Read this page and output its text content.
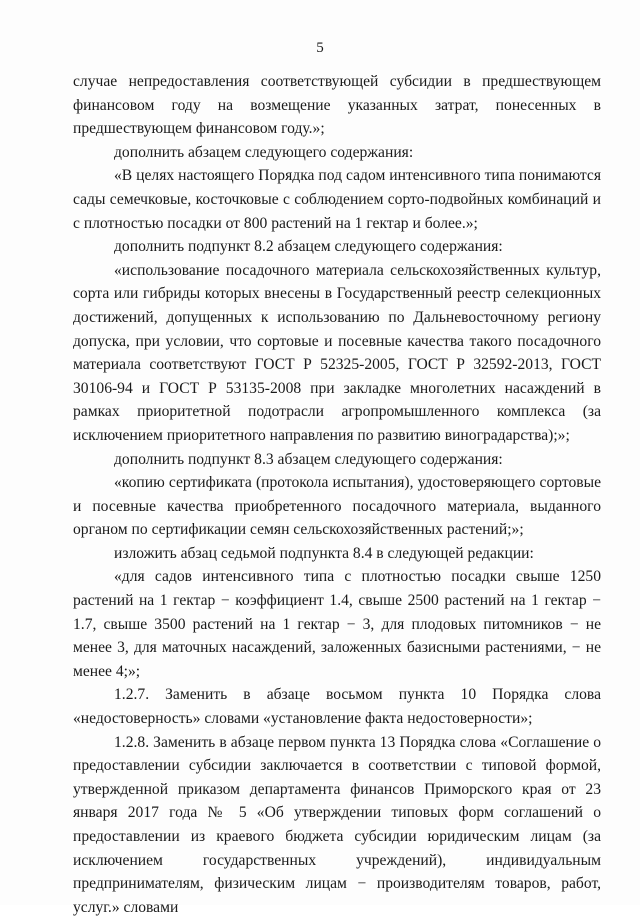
5

случае непредоставления соответствующей субсидии в предшествующем финансовом году на возмещение указанных затрат, понесенных в предшествующем финансовом году.»;

дополнить абзацем следующего содержания:

«В целях настоящего Порядка под садом интенсивного типа понимаются сады семечковые, косточковые с соблюдением сорто-подвойных комбинаций и с плотностью посадки от 800 растений на 1 гектар и более.»;

дополнить подпункт 8.2 абзацем следующего содержания:

«использование посадочного материала сельскохозяйственных культур, сорта или гибриды которых внесены в Государственный реестр селекционных достижений, допущенных к использованию по Дальневосточному региону допуска, при условии, что сортовые и посевные качества такого посадочного материала соответствуют ГОСТ Р 52325-2005, ГОСТ Р 32592-2013, ГОСТ 30106-94 и ГОСТ Р 53135-2008 при закладке многолетних насаждений в рамках приоритетной подотрасли агропромышленного комплекса (за исключением приоритетного направления по развитию виноградарства);»;

дополнить подпункт 8.3 абзацем следующего содержания:

«копию сертификата (протокола испытания), удостоверяющего сортовые и посевные качества приобретенного посадочного материала, выданного органом по сертификации семян сельскохозяйственных растений;»;

изложить абзац седьмой подпункта 8.4 в следующей редакции:

«для садов интенсивного типа с плотностью посадки свыше 1250 растений на 1 гектар − коэффициент 1.4, свыше 2500 растений на 1 гектар − 1.7, свыше 3500 растений на 1 гектар − 3, для плодовых питомников − не менее 3, для маточных насаждений, заложенных базисными растениями, − не менее 4;»;

1.2.7. Заменить в абзаце восьмом пункта 10 Порядка слова «недостоверность» словами «установление факта недостоверности»;

1.2.8. Заменить в абзаце первом пункта 13 Порядка слова «Соглашение о предоставлении субсидии заключается в соответствии с типовой формой, утвержденной приказом департамента финансов Приморского края от 23 января 2017 года № 5 «Об утверждении типовых форм соглашений о предоставлении из краевого бюджета субсидии юридическим лицам (за исключением государственных учреждений), индивидуальным предпринимателям, физическим лицам − производителям товаров, работ, услуг.» словами
